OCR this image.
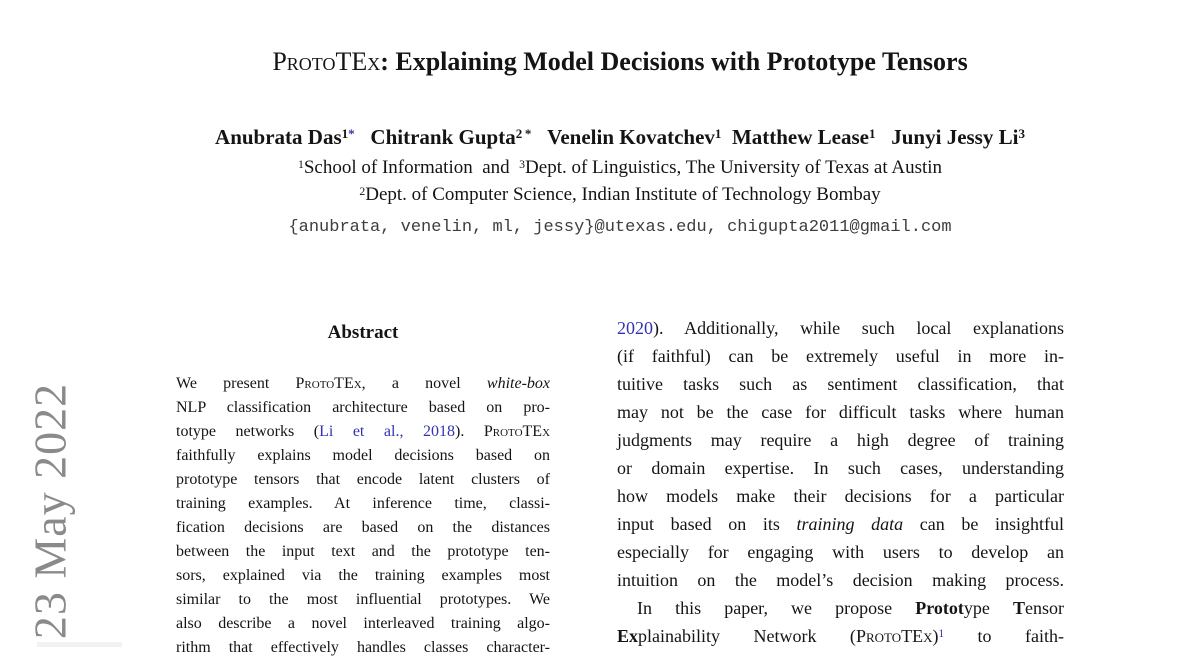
23 May 2022
ProtoTEx: Explaining Model Decisions with Prototype Tensors
Anubrata Das$^{1*}$ Chitrank Gupta$^2$ * Venelin Kovatchev$^1$ Matthew Lease$^1$ Junyi Jessy Li$^3$
$^1$School of Information  and  $^3$Dept. of Linguistics, The University of Texas at Austin
$^2$Dept. of Computer Science, Indian Institute of Technology Bombay
{anubrata, venelin, ml, jessy}@utexas.edu, chigupta2011@gmail.com
Abstract
We present ProtoTEx, a novel white-box
NLP classification architecture based on pro-
totype networks (Li et al., 2018). ProtoTEx
faithfully explains model decisions based on
prototype tensors that encode latent clusters of
training examples. At inference time, classi-
fication decisions are based on the distances
between the input text and the prototype ten-
sors, explained via the training examples most
similar to the most influential prototypes. We
also describe a novel interleaved training algo-
rithm that effectively handles classes character-
2020). Additionally, while such local explanations
(if faithful) can be extremely useful in more in-
tuitive tasks such as sentiment classification, that
may not be the case for difficult tasks where human
judgments may require a high degree of training
or domain expertise. In such cases, understanding
how models make their decisions for a particular
input based on its training data can be insightful
especially for engaging with users to develop an
intuition on the model’s decision making process.
In this paper, we propose Prototype Tensor
Explainability Network (ProtoTEx)$^1$ to faith-
